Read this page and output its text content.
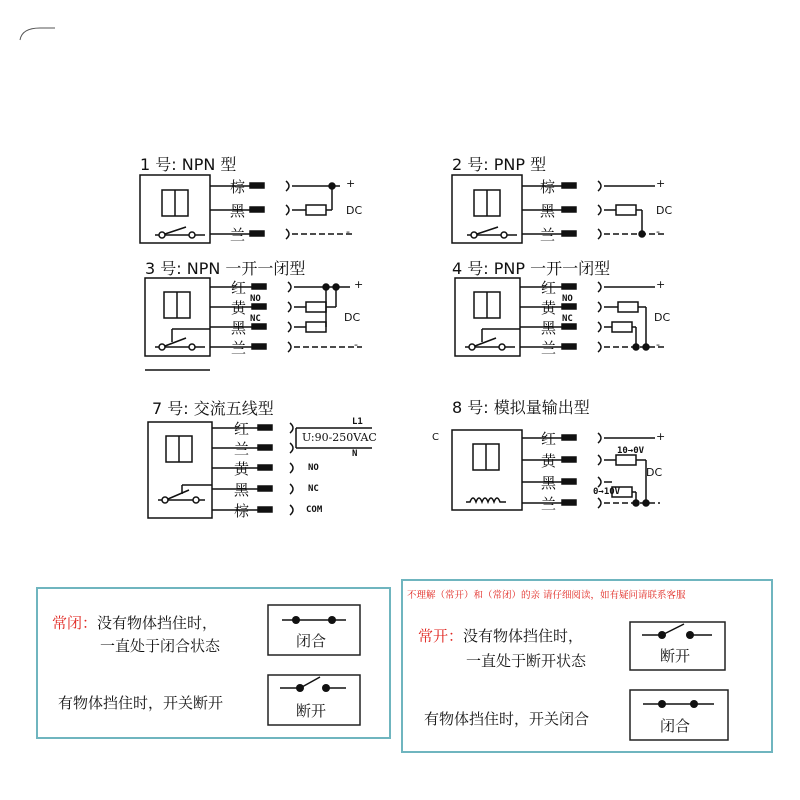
1 号: NPN 型
棕
黑
兰
+
DC
-
2 号: PNP 型
棕
黑
兰
+
DC
-
3 号: NPN 一开一闭型
红
黄
黑
兰
NO
NC
+
DC
-
4 号: PNP 一开一闭型
红
黄
黑
兰
NO
NC
+
DC
-
7 号: 交流五线型
红
兰
黄
黑
棕
L1
U:90-250VAC
N
NO
NC
COM
C
8 号: 模拟量输出型
红
黄
黑
兰
10→0V
0→10V
+
DC
常闭：没有物体挡住时，
一直处于闭合状态	闭合
有物体挡住时，开关断开	断开
不理解（常开）和（常闭）的亲 请仔细阅读，如有疑问请联系客服
常开：没有物体挡住时，
一直处于断开状态	断开
有物体挡住时，开关闭合	闭合
